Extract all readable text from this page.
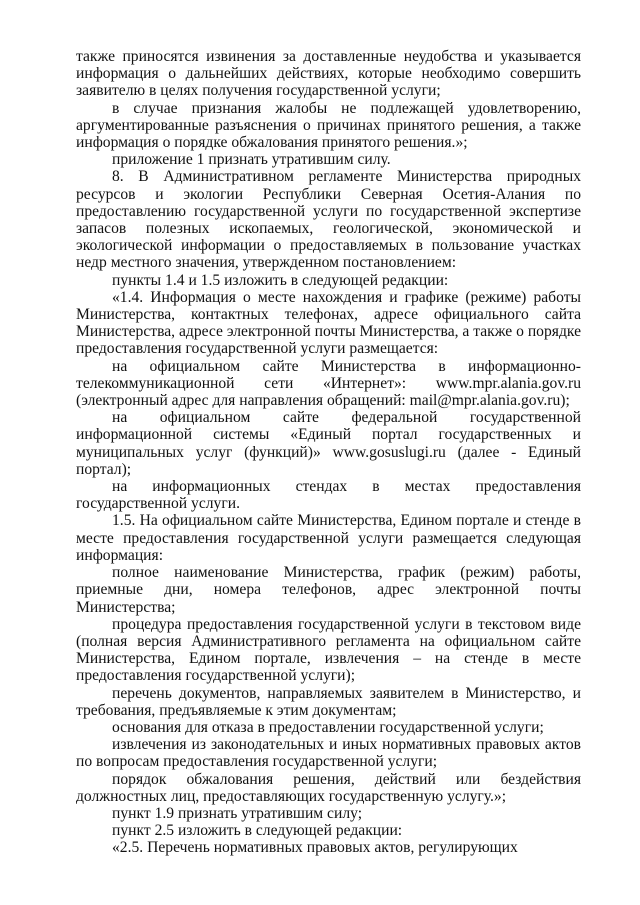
также приносятся извинения за доставленные неудобства и указывается информация о дальнейших действиях, которые необходимо совершить заявителю в целях получения государственной услуги;

в случае признания жалобы не подлежащей удовлетворению, аргументированные разъяснения о причинах принятого решения, а также информация о порядке обжалования принятого решения.»;

приложение 1 признать утратившим силу.

8. В Административном регламенте Министерства природных ресурсов и экологии Республики Северная Осетия-Алания по предоставлению государственной услуги по государственной экспертизе запасов полезных ископаемых, геологической, экономической и экологической информации о предоставляемых в пользование участках недр местного значения, утвержденном постановлением:

пункты 1.4 и 1.5 изложить в следующей редакции:

«1.4. Информация о месте нахождения и графике (режиме) работы Министерства, контактных телефонах, адресе официального сайта Министерства, адресе электронной почты Министерства, а также о порядке предоставления государственной услуги размещается:

на официальном сайте Министерства в информационно-телекоммуникационной сети «Интернет»: www.mpr.alania.gov.ru (электронный адрес для направления обращений: mail@mpr.alania.gov.ru);

на официальном сайте федеральной государственной информационной системы «Единый портал государственных и муниципальных услуг (функций)» www.gosuslugi.ru (далее - Единый портал);

на информационных стендах в местах предоставления государственной услуги.

1.5. На официальном сайте Министерства, Едином портале и стенде в месте предоставления государственной услуги размещается следующая информация:

полное наименование Министерства, график (режим) работы, приемные дни, номера телефонов, адрес электронной почты Министерства;

процедура предоставления государственной услуги в текстовом виде (полная версия Административного регламента на официальном сайте Министерства, Едином портале, извлечения – на стенде в месте предоставления государственной услуги);

перечень документов, направляемых заявителем в Министерство, и требования, предъявляемые к этим документам;

основания для отказа в предоставлении государственной услуги;

извлечения из законодательных и иных нормативных правовых актов по вопросам предоставления государственной услуги;

порядок обжалования решения, действий или бездействия должностных лиц, предоставляющих государственную услугу.»;

пункт 1.9 признать утратившим силу;

пункт 2.5 изложить в следующей редакции:

«2.5. Перечень нормативных правовых актов, регулирующих
